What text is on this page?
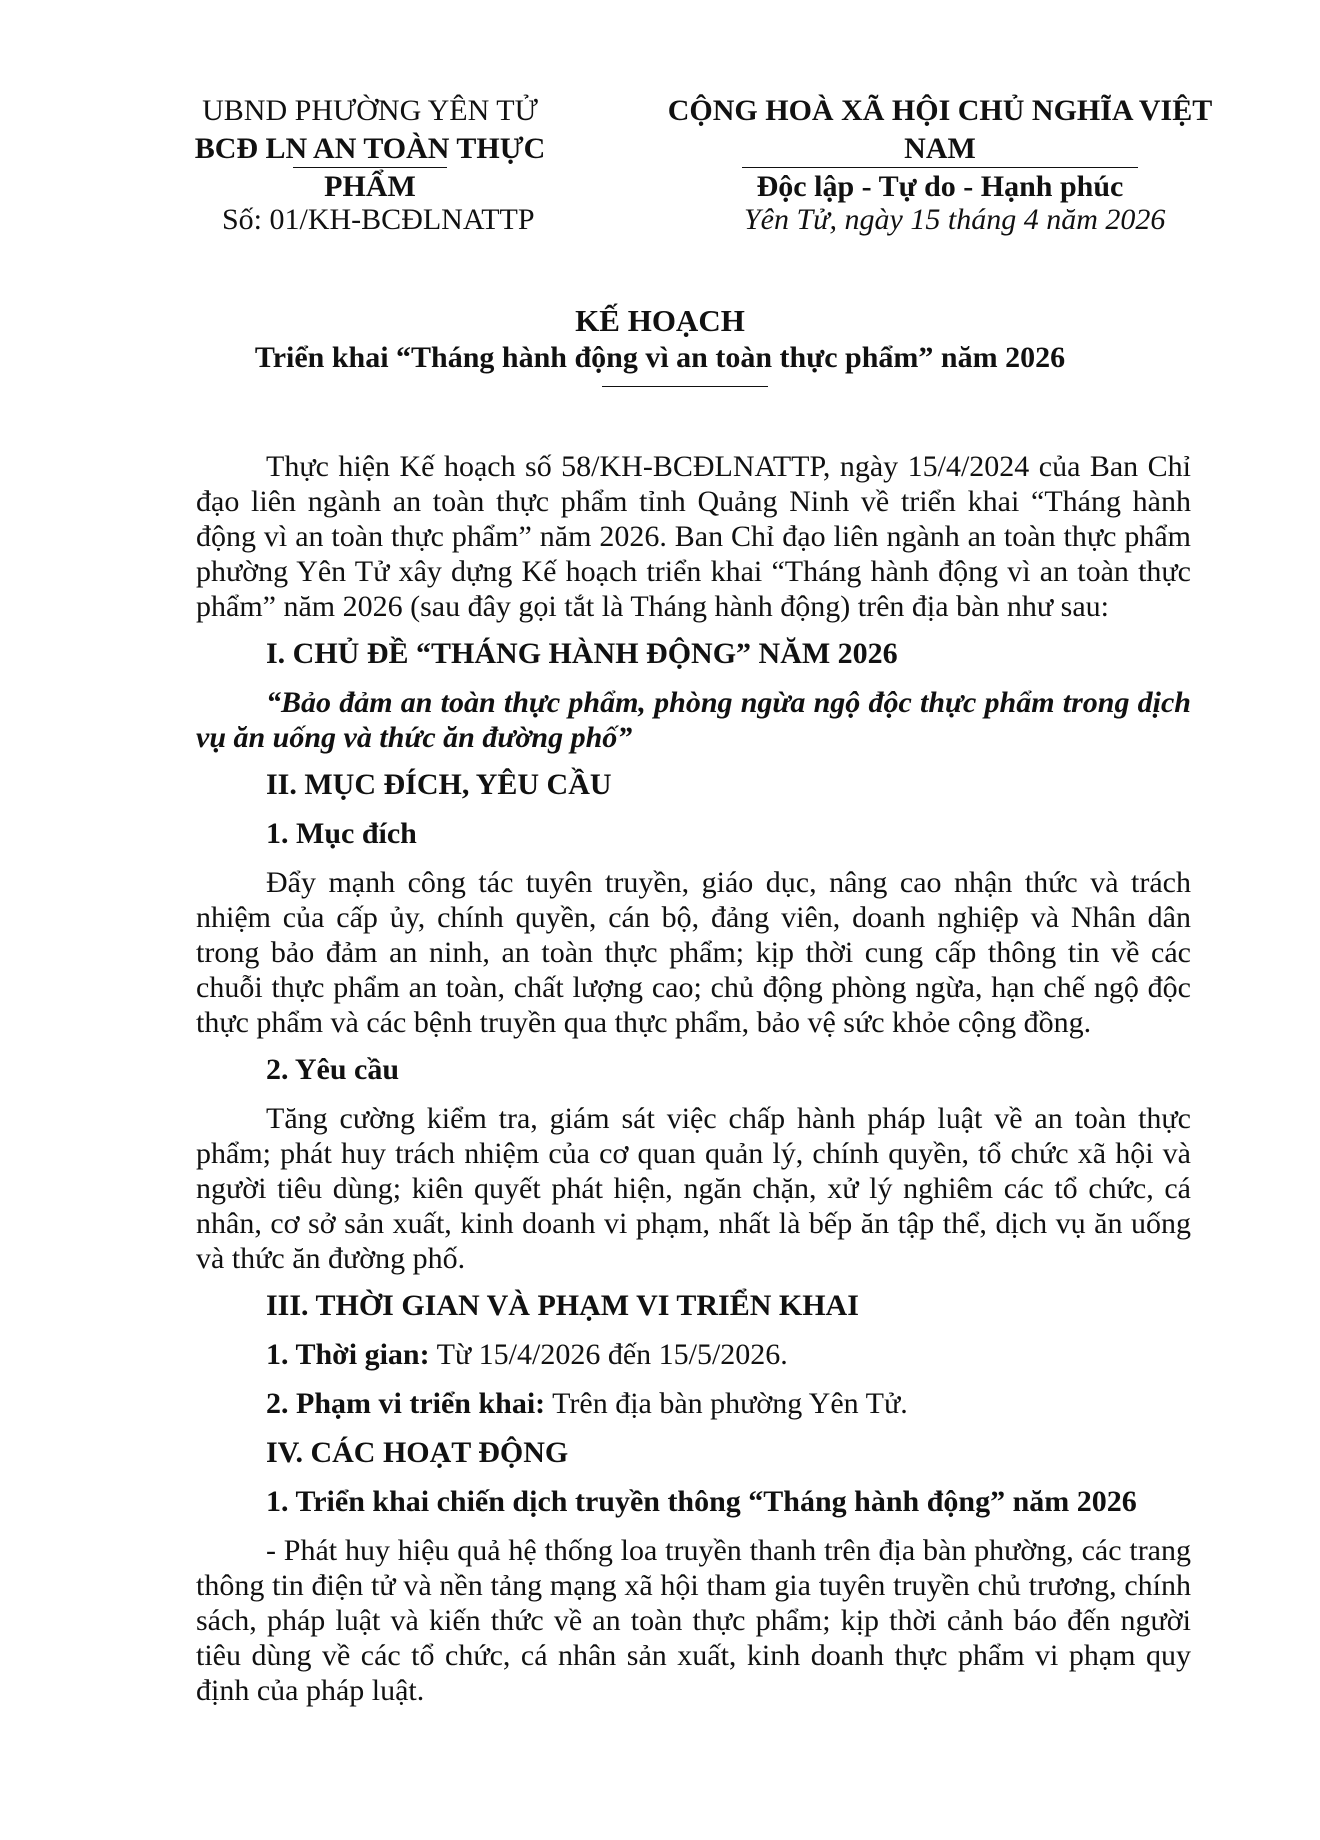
UBND PHƯỜNG YÊN TỬ
BCĐ LN AN TOÀN THỰC PHẨM
CỘNG HOÀ XÃ HỘI CHỦ NGHĨA VIỆT NAM
Độc lập - Tự do - Hạnh phúc
Số: 01/KH-BCĐLNATTP	Yên Tử, ngày 15 tháng 4 năm 2026
KẾ HOẠCH
Triển khai “Tháng hành động vì an toàn thực phẩm” năm 2026

Thực hiện Kế hoạch số 58/KH-BCĐLNATTP, ngày 15/4/2024 của Ban Chỉ đạo liên ngành an toàn thực phẩm tỉnh Quảng Ninh về triển khai “Tháng hành động vì an toàn thực phẩm” năm 2026. Ban Chỉ đạo liên ngành an toàn thực phẩm phường Yên Tử xây dựng Kế hoạch triển khai “Tháng hành động vì an toàn thực phẩm” năm 2026 (sau đây gọi tắt là Tháng hành động) trên địa bàn như sau:

I. CHỦ ĐỀ “THÁNG HÀNH ĐỘNG” NĂM 2026

“Bảo đảm an toàn thực phẩm, phòng ngừa ngộ độc thực phẩm trong dịch vụ ăn uống và thức ăn đường phố”

II. MỤC ĐÍCH, YÊU CẦU
1. Mục đích

Đẩy mạnh công tác tuyên truyền, giáo dục, nâng cao nhận thức và trách nhiệm của cấp ủy, chính quyền, cán bộ, đảng viên, doanh nghiệp và Nhân dân trong bảo đảm an ninh, an toàn thực phẩm; kịp thời cung cấp thông tin về các chuỗi thực phẩm an toàn, chất lượng cao; chủ động phòng ngừa, hạn chế ngộ độc thực phẩm và các bệnh truyền qua thực phẩm, bảo vệ sức khỏe cộng đồng.

2. Yêu cầu

Tăng cường kiểm tra, giám sát việc chấp hành pháp luật về an toàn thực phẩm; phát huy trách nhiệm của cơ quan quản lý, chính quyền, tổ chức xã hội và người tiêu dùng; kiên quyết phát hiện, ngăn chặn, xử lý nghiêm các tổ chức, cá nhân, cơ sở sản xuất, kinh doanh vi phạm, nhất là bếp ăn tập thể, dịch vụ ăn uống và thức ăn đường phố.

III. THỜI GIAN VÀ PHẠM VI TRIỂN KHAI
1. Thời gian: Từ 15/4/2026 đến 15/5/2026.
2. Phạm vi triển khai: Trên địa bàn phường Yên Tử.
IV. CÁC HOẠT ĐỘNG
1. Triển khai chiến dịch truyền thông “Tháng hành động” năm 2026

- Phát huy hiệu quả hệ thống loa truyền thanh trên địa bàn phường, các trang thông tin điện tử và nền tảng mạng xã hội tham gia tuyên truyền chủ trương, chính sách, pháp luật và kiến thức về an toàn thực phẩm; kịp thời cảnh báo đến người tiêu dùng về các tổ chức, cá nhân sản xuất, kinh doanh thực phẩm vi phạm quy định của pháp luật.
